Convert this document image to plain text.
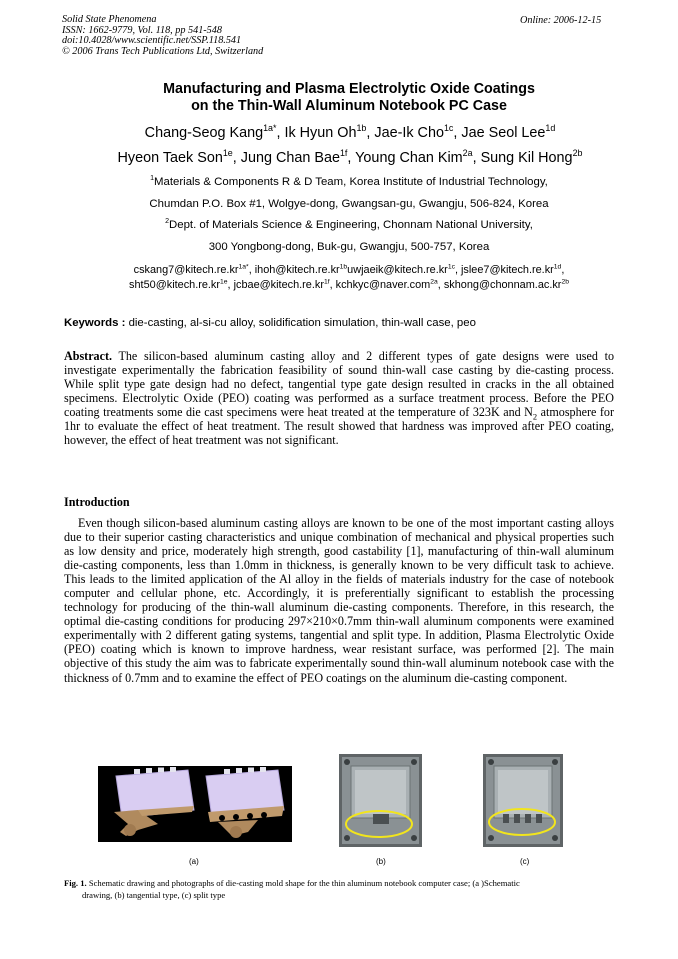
Solid State Phenomena
ISSN: 1662-9779, Vol. 118, pp 541-548
doi:10.4028/www.scientific.net/SSP.118.541
© 2006 Trans Tech Publications Ltd, Switzerland
Online: 2006-12-15
Manufacturing and Plasma Electrolytic Oxide Coatings
on the Thin-Wall Aluminum Notebook PC Case
Chang-Seog Kang$^{1a*}$, Ik Hyun $Oh^{1b}$, Jae-Ik Cho$^{1c}$, Jae Seol Lee$^{1d}$
Hyeon Taek Son$^{1e}$, Jung Chan Bae$^{1f}$, Young Chan Kim$^{2a}$, Sung Kil Hong$^{2b}$
$^1$Materials & Components R & D Team, Korea Institute of Industrial Technology,
Chumdan P.O. Box #1, Wolgye-dong, Gwangsan-gu, Gwangju, 506-824, Korea
$^2$Dept. of Materials Science & Engineering, Chonnam National University,
300 Yongbong-dong, Buk-gu, Gwangju, 500-757, Korea
$cskang7@kitech.re.kr^{1a*}$, $ihoh@kitech.re.kr^{1b}uwjaeik@kitech.re.kr^{1c}$, $jslee7@kitech.re.kr^{1d}$,
$sht50@kitech.re.kr^{1e}$, $jcbae@kitech.re.kr^{1f}$, kchkyc@naver.com$^{2a}$, $skhong@chonnam.ac.kr^{2b}$
Keywords : die-casting, al-si-cu alloy, solidification simulation, thin-wall case, peo
Abstract. The silicon-based aluminum casting alloy and 2 different types of gate designs were used to investigate experimentally the fabrication feasibility of sound thin-wall case casting by die-casting process. While split type gate design had no defect, tangential type gate design resulted in cracks in the all obtained specimens. Electrolytic Oxide (PEO) coating was performed as a surface treatment process. Before the PEO coating treatments some die cast specimens were heat treated at the temperature of 323K and $N_2$ atmosphere for 1hr to evaluate the effect of heat treatment. The result showed that hardness was improved after PEO coating, however, the effect of heat treatment was not significant.
Introduction
Even though silicon-based aluminum casting alloys are known to be one of the most important casting alloys due to their superior casting characteristics and unique combination of mechanical and physical properties such as low density and price, moderately high strength, good castability [1], manufacturing of thin-wall aluminum die-casting components, less than 1.0mm in thickness, is generally known to be very difficult task to achieve. This leads to the limited application of the Al alloy in the fields of materials industry for the case of notebook computer and cellular phone, etc. Accordingly, it is preferentially significant to establish the processing technology for producing of the thin-wall aluminum die-casting components. Therefore, in this research, the optimal die-casting conditions for producing 297×210×0.7mm thin-wall aluminum components were examined experimentally with 2 different gating systems, tangential and split type. In addition, Plasma Electrolytic Oxide (PEO) coating which is known to improve hardness, wear resistant surface, was performed [2]. The main objective of this study the aim was to fabricate experimentally sound thin-wall aluminum notebook case with the thickness of 0.7mm and to examine the effect of PEO coatings on the aluminum die-casting component.
(a)	(b)	(c)
Fig. 1. Schematic drawing and photographs of die-casting mold shape for the thin aluminum notebook computer case; (a )Schematic
drawing, (b) tangential type, (c) split type
